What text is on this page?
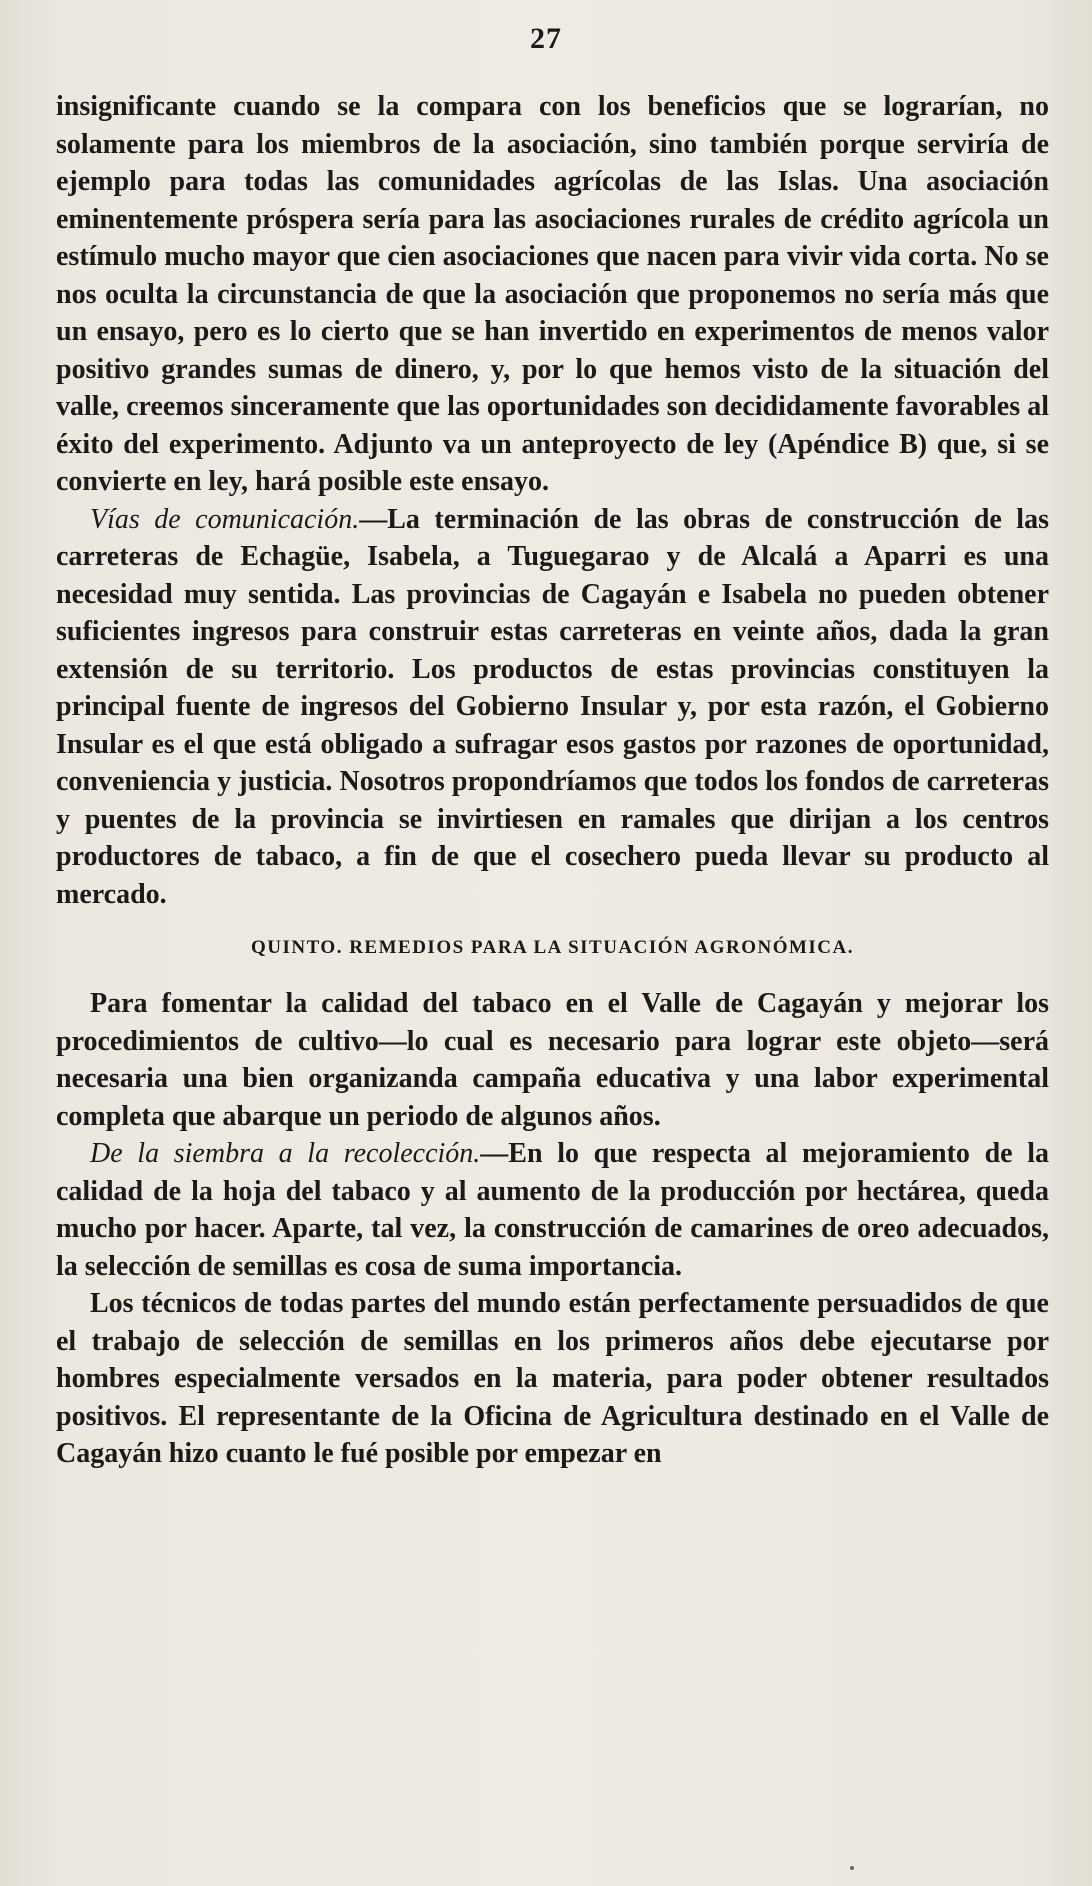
27

insignificante cuando se la compara con los beneficios que se lograrían, no solamente para los miembros de la asociación, sino también porque serviría de ejemplo para todas las comunidades agrícolas de las Islas. Una asociación eminentemente próspera sería para las asociaciones rurales de crédito agrícola un estímulo mucho mayor que cien asociaciones que nacen para vivir vida corta. No se nos oculta la circunstancia de que la asociación que proponemos no sería más que un ensayo, pero es lo cierto que se han invertido en experimentos de menos valor positivo grandes sumas de dinero, y, por lo que hemos visto de la situación del valle, creemos sinceramente que las oportunidades son decididamente favorables al éxito del experimento. Adjunto va un anteproyecto de ley (Apéndice B) que, si se convierte en ley, hará posible este ensayo.

Vías de comunicación.—La terminación de las obras de construcción de las carreteras de Echagüe, Isabela, a Tuguegarao y de Alcalá a Aparri es una necesidad muy sentida. Las provincias de Cagayán e Isabela no pueden obtener suficientes ingresos para construir estas carreteras en veinte años, dada la gran extensión de su territorio. Los productos de estas provincias constituyen la principal fuente de ingresos del Gobierno Insular y, por esta razón, el Gobierno Insular es el que está obligado a sufragar esos gastos por razones de oportunidad, conveniencia y justicia. Nosotros propondríamos que todos los fondos de carreteras y puentes de la provincia se invirtiesen en ramales que dirijan a los centros productores de tabaco, a fin de que el cosechero pueda llevar su producto al mercado.

QUINTO. REMEDIOS PARA LA SITUACIÓN AGRONÓMICA.

Para fomentar la calidad del tabaco en el Valle de Cagayán y mejorar los procedimientos de cultivo—lo cual es necesario para lograr este objeto—será necesaria una bien organizanda campaña educativa y una labor experimental completa que abarque un periodo de algunos años.

De la siembra a la recolección.—En lo que respecta al mejoramiento de la calidad de la hoja del tabaco y al aumento de la producción por hectárea, queda mucho por hacer. Aparte, tal vez, la construcción de camarines de oreo adecuados, la selección de semillas es cosa de suma importancia.

Los técnicos de todas partes del mundo están perfectamente persuadidos de que el trabajo de selección de semillas en los primeros años debe ejecutarse por hombres especialmente versados en la materia, para poder obtener resultados positivos. El representante de la Oficina de Agricultura destinado en el Valle de Cagayán hizo cuanto le fué posible por empezar en
